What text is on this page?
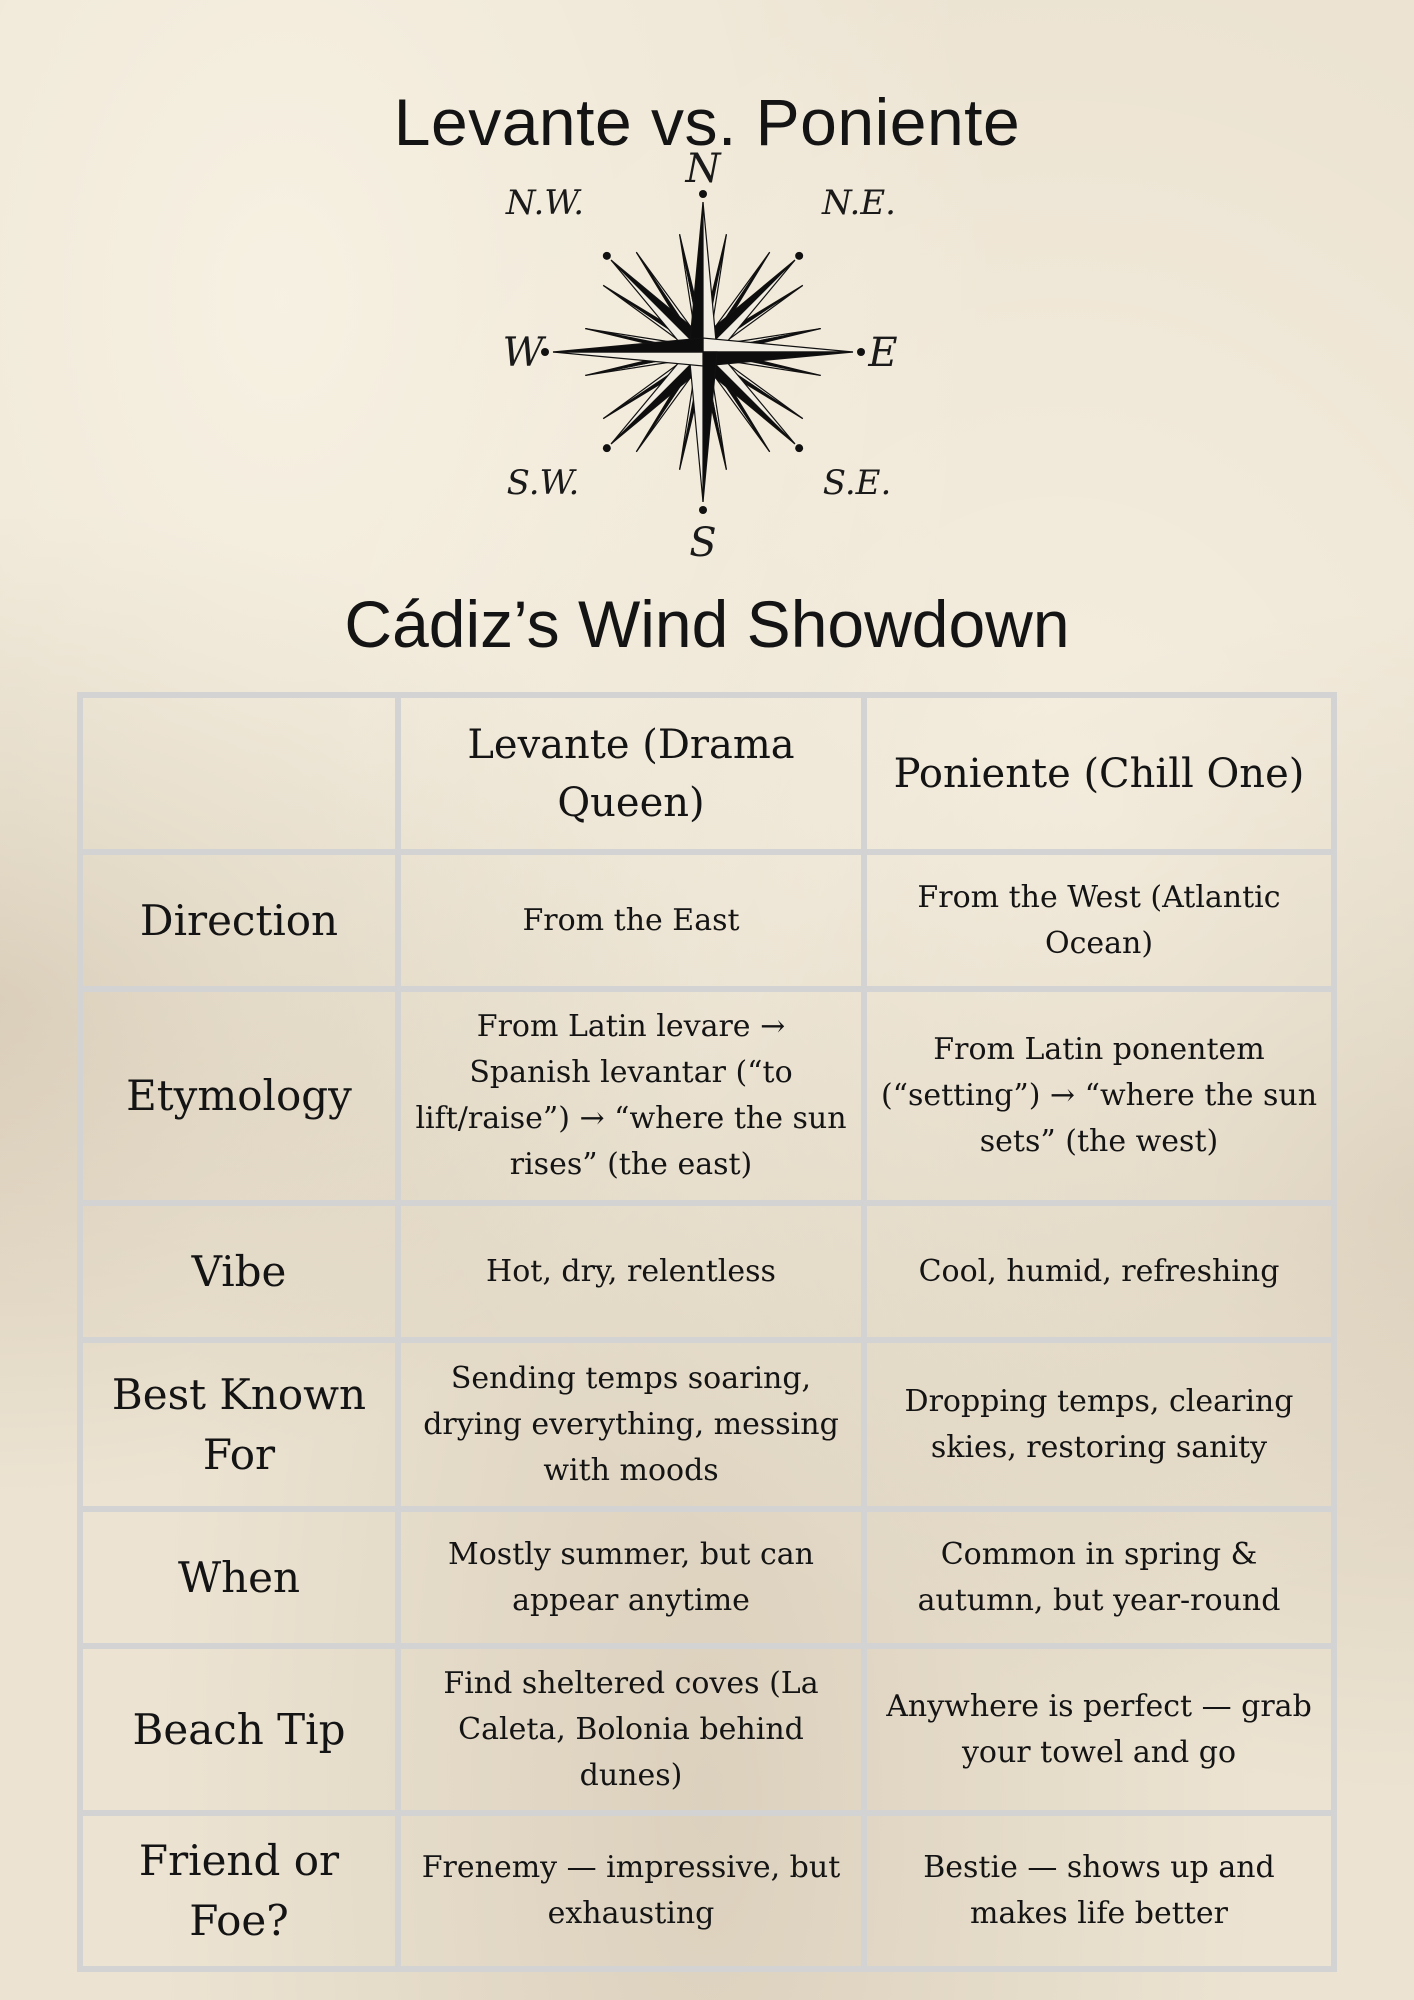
Levante vs. Poniente
N
N.E.
E
S.E.
S
S.W.
W
N.W.
Cádiz’s Wind Showdown
	Levante (Drama Queen)	Poniente (Chill One)
Direction	From the East	From the West (Atlantic Ocean)
Etymology	From Latin levare → Spanish levantar (“to lift/raise”) → “where the sun rises” (the east)	From Latin ponentem (“setting”) → “where the sun sets” (the west)
Vibe	Hot, dry, relentless	Cool, humid, refreshing
Best Known For	Sending temps soaring, drying everything, messing with moods	Dropping temps, clearing skies, restoring sanity
When	Mostly summer, but can appear anytime	Common in spring & autumn, but year-round
Beach Tip	Find sheltered coves (La Caleta, Bolonia behind dunes)	Anywhere is perfect — grab your towel and go
Friend or Foe?	Frenemy — impressive, but exhausting	Bestie — shows up and makes life better
